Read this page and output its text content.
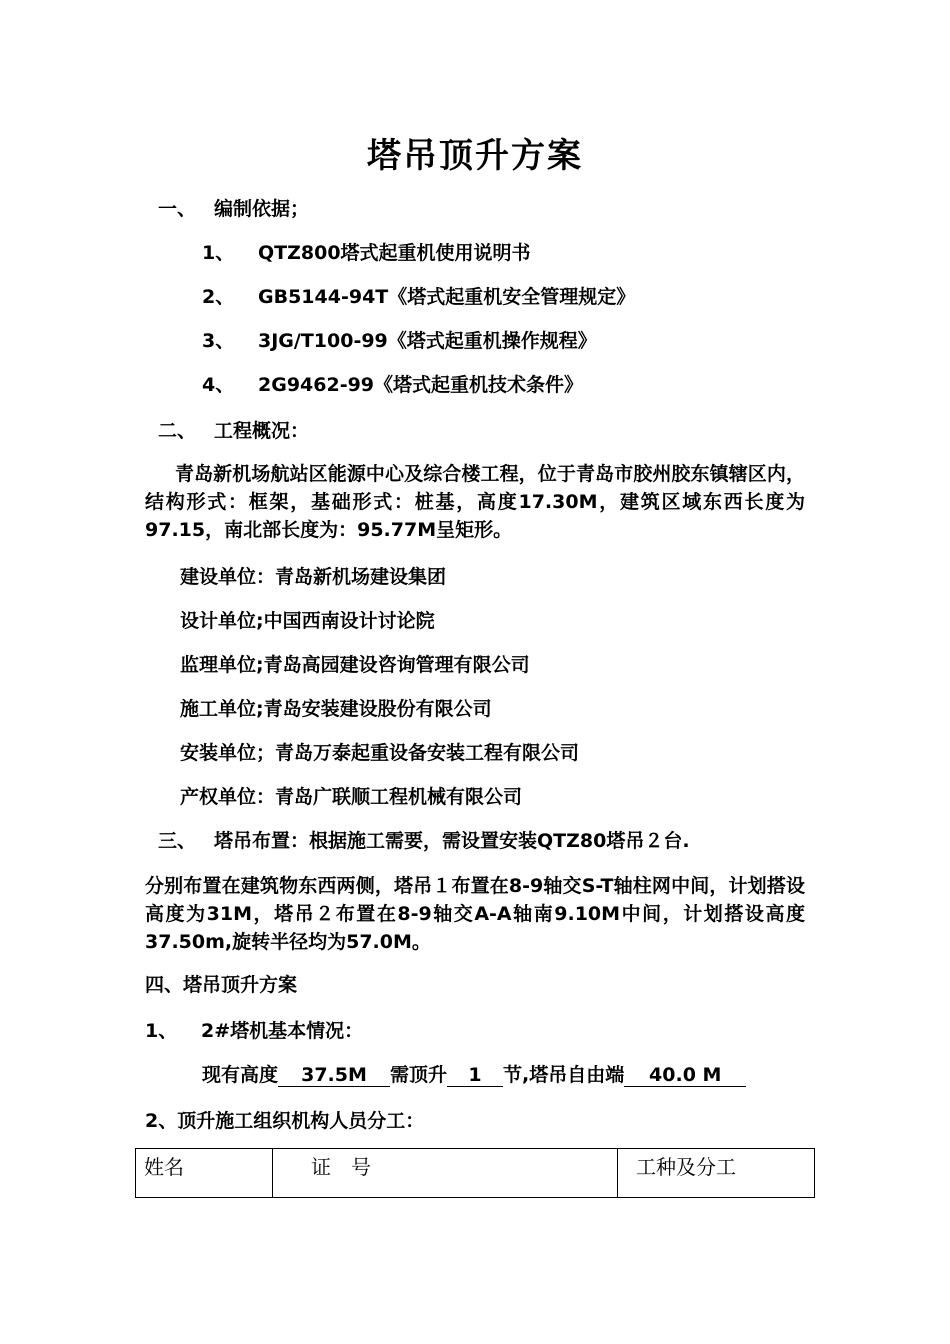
塔吊顶升方案
一、 编制依据；
1、 QTZ800塔式起重机使用说明书
2、 GB5144-94T《塔式起重机安全管理规定》
3、 3JG/T100-99《塔式起重机操作规程》
4、 2G9462-99《塔式起重机技术条件》
二、 工程概况：
青岛新机场航站区能源中心及综合楼工程，位于青岛市胶州胶东镇辖区内，结构形式：框架，基础形式：桩基，高度17.30M，建筑区域东西长度为97.15，南北部长度为：95.77M呈矩形。
建设单位：青岛新机场建设集团
设计单位;中国西南设计讨论院
监理单位;青岛高园建设咨询管理有限公司
施工单位;青岛安装建设股份有限公司
安装单位；青岛万泰起重设备安装工程有限公司
产权单位：青岛广联顺工程机械有限公司
三、 塔吊布置：根据施工需要，需设置安装QTZ80塔吊２台.
分别布置在建筑物东西两侧，塔吊１布置在8-9轴交S-T轴柱网中间，计划搭设高度为31M，塔吊２布置在8-9轴交A-A轴南9.10M中间，计划搭设高度37.50m,旋转半径均为57.0M。
四、塔吊顶升方案
1、 2#塔机基本情况：
现有高度 37.5M 需顶升 1 节,塔吊自由端 40.0 M
2、顶升施工组织机构人员分工：
姓名	证　号	工种及分工
